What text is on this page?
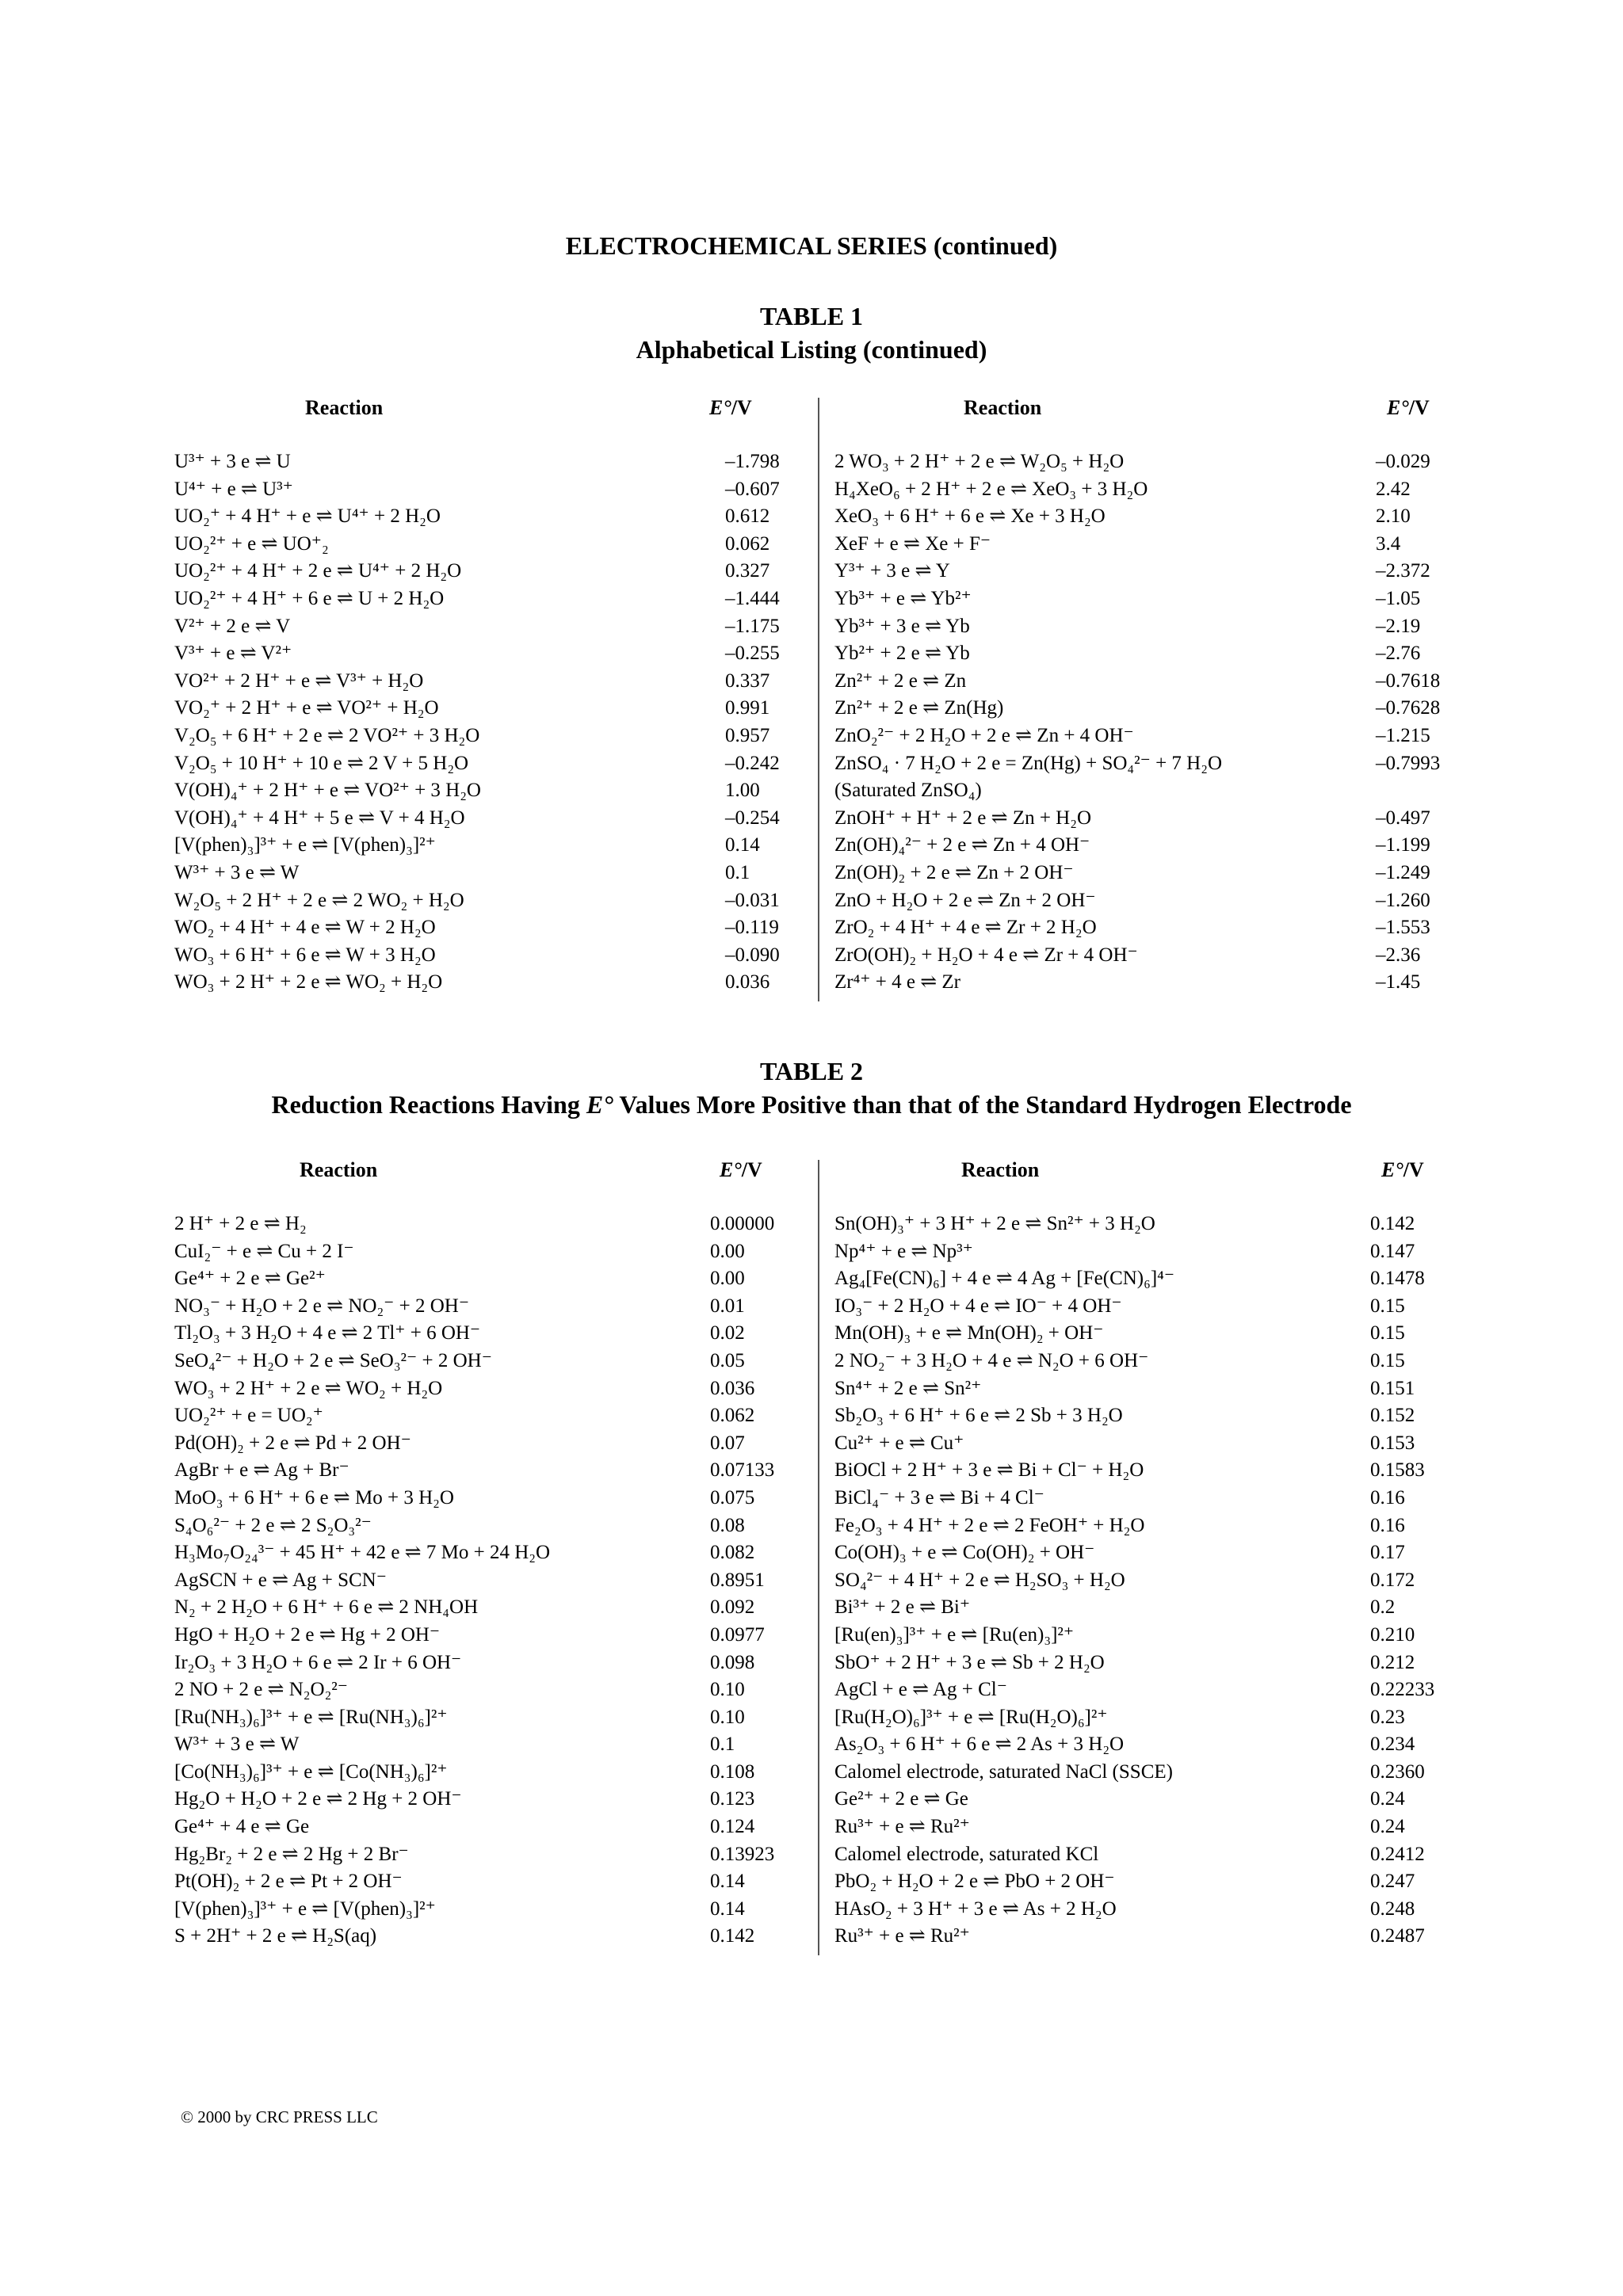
ELECTROCHEMICAL SERIES (continued)
TABLE 1
Alphabetical Listing (continued)
Reaction	E°/V
U³⁺ + 3 e ⇌ U	–1.798
U⁴⁺ + e ⇌ U³⁺	–0.607
UO₂⁺ + 4 H⁺ + e ⇌ U⁴⁺ + 2 H₂O	0.612
UO₂²⁺ + e ⇌ UO⁺₂	0.062
UO₂²⁺ + 4 H⁺ + 2 e ⇌ U⁴⁺ + 2 H₂O	0.327
UO₂²⁺ + 4 H⁺ + 6 e ⇌ U + 2 H₂O	–1.444
V²⁺ + 2 e ⇌ V	–1.175
V³⁺ + e ⇌ V²⁺	–0.255
VO²⁺ + 2 H⁺ + e ⇌ V³⁺ + H₂O	0.337
VO₂⁺ + 2 H⁺ + e ⇌ VO²⁺ + H₂O	0.991
V₂O₅ + 6 H⁺ + 2 e ⇌ 2 VO²⁺ + 3 H₂O	0.957
V₂O₅ + 10 H⁺ + 10 e ⇌ 2 V + 5 H₂O	–0.242
V(OH)₄⁺ + 2 H⁺ + e ⇌ VO²⁺ + 3 H₂O	1.00
V(OH)₄⁺ + 4 H⁺ + 5 e ⇌ V + 4 H₂O	–0.254
[V(phen)₃]³⁺ + e ⇌ [V(phen)₃]²⁺	0.14
W³⁺ + 3 e ⇌ W	0.1
W₂O₅ + 2 H⁺ + 2 e ⇌ 2 WO₂ + H₂O	–0.031
WO₂ + 4 H⁺ + 4 e ⇌ W + 2 H₂O	–0.119
WO₃ + 6 H⁺ + 6 e ⇌ W + 3 H₂O	–0.090
WO₃ + 2 H⁺ + 2 e ⇌ WO₂ + H₂O	0.036
Reaction	E°/V
2 WO₃ + 2 H⁺ + 2 e ⇌ W₂O₅ + H₂O	–0.029
H₄XeO₆ + 2 H⁺ + 2 e ⇌ XeO₃ + 3 H₂O	2.42
XeO₃ + 6 H⁺ + 6 e ⇌ Xe + 3 H₂O	2.10
XeF + e ⇌ Xe + F⁻	3.4
Y³⁺ + 3 e ⇌ Y	–2.372
Yb³⁺ + e ⇌ Yb²⁺	–1.05
Yb³⁺ + 3 e ⇌ Yb	–2.19
Yb²⁺ + 2 e ⇌ Yb	–2.76
Zn²⁺ + 2 e ⇌ Zn	–0.7618
Zn²⁺ + 2 e ⇌ Zn(Hg)	–0.7628
ZnO₂²⁻ + 2 H₂O + 2 e ⇌ Zn + 4 OH⁻	–1.215
ZnSO₄ · 7 H₂O + 2 e = Zn(Hg) + SO₄²⁻ + 7 H₂O	–0.7993
(Saturated ZnSO₄)
ZnOH⁺ + H⁺ + 2 e ⇌ Zn + H₂O	–0.497
Zn(OH)₄²⁻ + 2 e ⇌ Zn + 4 OH⁻	–1.199
Zn(OH)₂ + 2 e ⇌ Zn + 2 OH⁻	–1.249
ZnO + H₂O + 2 e ⇌ Zn + 2 OH⁻	–1.260
ZrO₂ + 4 H⁺ + 4 e ⇌ Zr + 2 H₂O	–1.553
ZrO(OH)₂ + H₂O + 4 e ⇌ Zr + 4 OH⁻	–2.36
Zr⁴⁺ + 4 e ⇌ Zr	–1.45
TABLE 2
Reduction Reactions Having E° Values More Positive than that of the Standard Hydrogen Electrode
Reaction	E°/V
2 H⁺ + 2 e ⇌ H₂	0.00000
CuI₂⁻ + e ⇌ Cu + 2 I⁻	0.00
Ge⁴⁺ + 2 e ⇌ Ge²⁺	0.00
NO₃⁻ + H₂O + 2 e ⇌ NO₂⁻ + 2 OH⁻	0.01
Tl₂O₃ + 3 H₂O + 4 e ⇌ 2 Tl⁺ + 6 OH⁻	0.02
SeO₄²⁻ + H₂O + 2 e ⇌ SeO₃²⁻ + 2 OH⁻	0.05
WO₃ + 2 H⁺ + 2 e ⇌ WO₂ + H₂O	0.036
UO₂²⁺ + e = UO₂⁺	0.062
Pd(OH)₂ + 2 e ⇌ Pd + 2 OH⁻	0.07
AgBr + e ⇌ Ag + Br⁻	0.07133
MoO₃ + 6 H⁺ + 6 e ⇌ Mo + 3 H₂O	0.075
S₄O₆²⁻ + 2 e ⇌ 2 S₂O₃²⁻	0.08
H₃Mo₇O₂₄³⁻ + 45 H⁺ + 42 e ⇌ 7 Mo + 24 H₂O	0.082
AgSCN + e ⇌ Ag + SCN⁻	0.8951
N₂ + 2 H₂O + 6 H⁺ + 6 e ⇌ 2 NH₄OH	0.092
HgO + H₂O + 2 e ⇌ Hg + 2 OH⁻	0.0977
Ir₂O₃ + 3 H₂O + 6 e ⇌ 2 Ir + 6 OH⁻	0.098
2 NO + 2 e ⇌ N₂O₂²⁻	0.10
[Ru(NH₃)₆]³⁺ + e ⇌ [Ru(NH₃)₆]²⁺	0.10
W³⁺ + 3 e ⇌ W	0.1
[Co(NH₃)₆]³⁺ + e ⇌ [Co(NH₃)₆]²⁺	0.108
Hg₂O + H₂O + 2 e ⇌ 2 Hg + 2 OH⁻	0.123
Ge⁴⁺ + 4 e ⇌ Ge	0.124
Hg₂Br₂ + 2 e ⇌ 2 Hg + 2 Br⁻	0.13923
Pt(OH)₂ + 2 e ⇌ Pt + 2 OH⁻	0.14
[V(phen)₃]³⁺ + e ⇌ [V(phen)₃]²⁺	0.14
S + 2H⁺ + 2 e ⇌ H₂S(aq)	0.142
Reaction	E°/V
Sn(OH)₃⁺ + 3 H⁺ + 2 e ⇌ Sn²⁺ + 3 H₂O	0.142
Np⁴⁺ + e ⇌ Np³⁺	0.147
Ag₄[Fe(CN)₆] + 4 e ⇌ 4 Ag + [Fe(CN)₆]⁴⁻	0.1478
IO₃⁻ + 2 H₂O + 4 e ⇌ IO⁻ + 4 OH⁻	0.15
Mn(OH)₃ + e ⇌ Mn(OH)₂ + OH⁻	0.15
2 NO₂⁻ + 3 H₂O + 4 e ⇌ N₂O + 6 OH⁻	0.15
Sn⁴⁺ + 2 e ⇌ Sn²⁺	0.151
Sb₂O₃ + 6 H⁺ + 6 e ⇌ 2 Sb + 3 H₂O	0.152
Cu²⁺ + e ⇌ Cu⁺	0.153
BiOCl + 2 H⁺ + 3 e ⇌ Bi + Cl⁻ + H₂O	0.1583
BiCl₄⁻ + 3 e ⇌ Bi + 4 Cl⁻	0.16
Fe₂O₃ + 4 H⁺ + 2 e ⇌ 2 FeOH⁺ + H₂O	0.16
Co(OH)₃ + e ⇌ Co(OH)₂ + OH⁻	0.17
SO₄²⁻ + 4 H⁺ + 2 e ⇌ H₂SO₃ + H₂O	0.172
Bi³⁺ + 2 e ⇌ Bi⁺	0.2
[Ru(en)₃]³⁺ + e ⇌ [Ru(en)₃]²⁺	0.210
SbO⁺ + 2 H⁺ + 3 e ⇌ Sb + 2 H₂O	0.212
AgCl + e ⇌ Ag + Cl⁻	0.22233
[Ru(H₂O)₆]³⁺ + e ⇌ [Ru(H₂O)₆]²⁺	0.23
As₂O₃ + 6 H⁺ + 6 e ⇌ 2 As + 3 H₂O	0.234
Calomel electrode, saturated NaCl (SSCE)	0.2360
Ge²⁺ + 2 e ⇌ Ge	0.24
Ru³⁺ + e ⇌ Ru²⁺	0.24
Calomel electrode, saturated KCl	0.2412
PbO₂ + H₂O + 2 e ⇌ PbO + 2 OH⁻	0.247
HAsO₂ + 3 H⁺ + 3 e ⇌ As + 2 H₂O	0.248
Ru³⁺ + e ⇌ Ru²⁺	0.2487
© 2000 by CRC PRESS LLC
